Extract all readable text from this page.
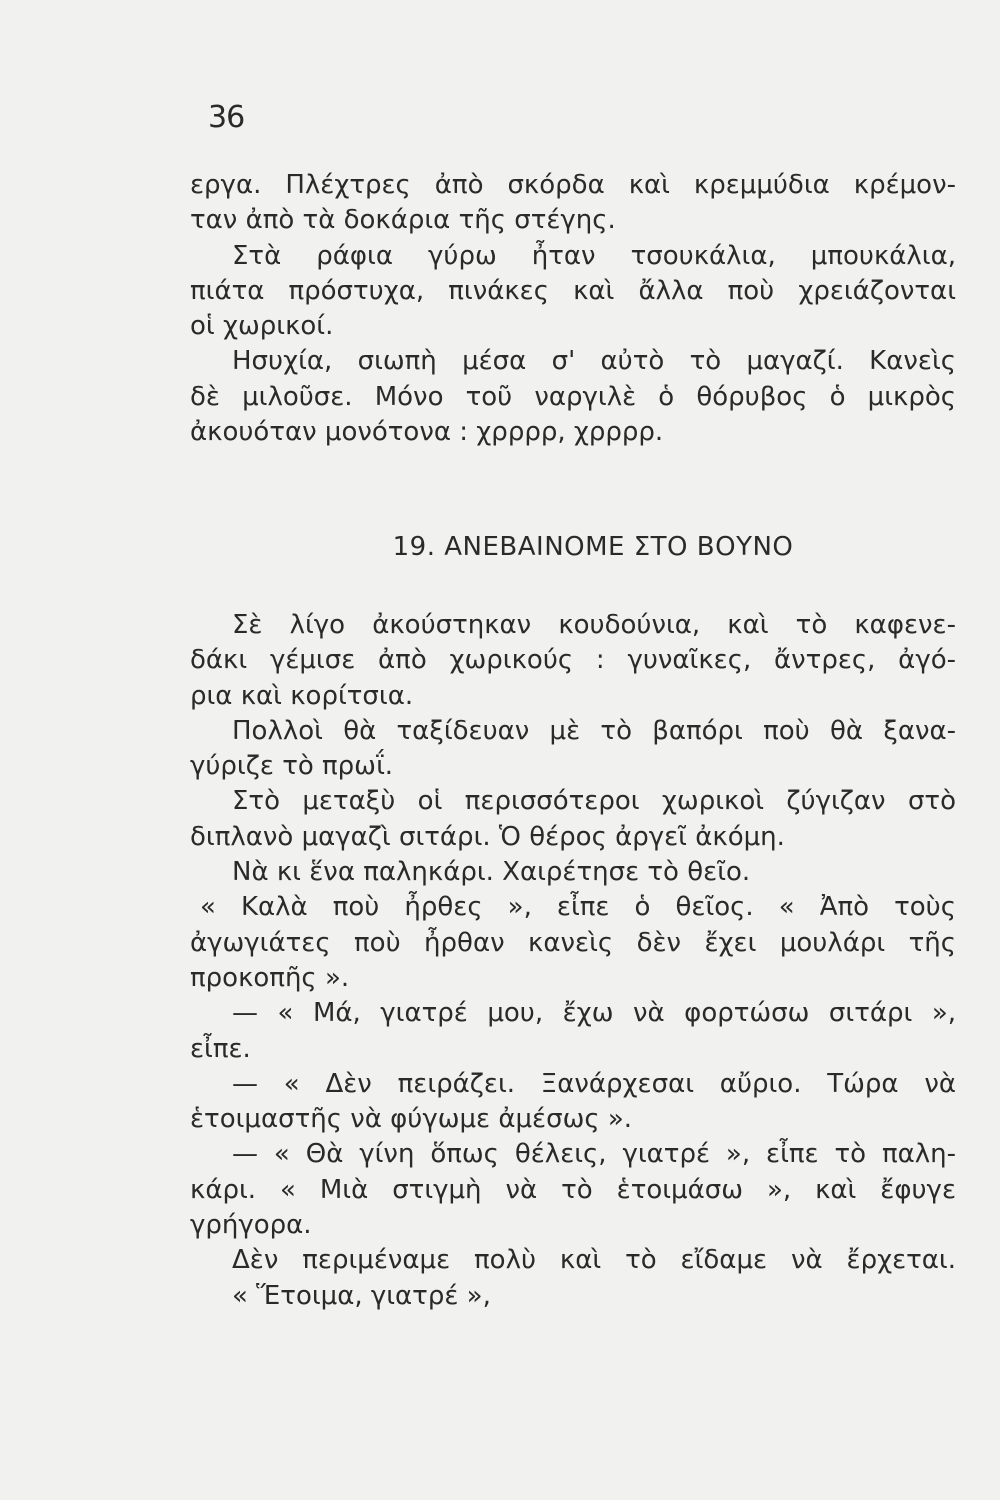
36
εργα. Πλέχτρες ἀπὸ σκόρδα καὶ κρεμμύδια κρέμον-
ταν ἀπὸ τὰ δοκάρια τῆς στέγης.
Στὰ ράφια γύρω ἦταν τσουκάλια, μπουκάλια,
πιάτα πρόστυχα, πινάκες καὶ ἄλλα ποὺ χρειάζονται
οἱ χωρικοί.
Ησυχία, σιωπὴ μέσα σ' αὐτὸ τὸ μαγαζί. Κανεὶς
δὲ μιλοῦσε. Μόνο τοῦ ναργιλὲ ὁ θόρυβος ὁ μικρὸς
ἀκουόταν μονότονα : χρρρρ, χρρρρ.
19. ΑΝΕΒΑΙΝΟΜΕ ΣΤΟ ΒΟΥΝΟ
Σὲ λίγο ἀκούστηκαν κουδούνια, καὶ τὸ καφενε-
δάκι γέμισε ἀπὸ χωρικούς : γυναῖκες, ἄντρες, ἀγό-
ρια καὶ κορίτσια.
Πολλοὶ θὰ ταξίδευαν μὲ τὸ βαπόρι ποὺ θὰ ξανα-
γύριζε τὸ πρωΐ.
Στὸ μεταξὺ οἱ περισσότεροι χωρικοὶ ζύγιζαν στὸ
διπλανὸ μαγαζὶ σιτάρι. Ὁ θέρος ἀργεῖ ἀκόμη.
Νὰ κι ἕνα παληκάρι. Χαιρέτησε τὸ θεῖο.
« Καλὰ ποὺ ἦρθες », εἶπε ὁ θεῖος. « Ἀπὸ τοὺς
ἀγωγιάτες ποὺ ἦρθαν κανεὶς δὲν ἔχει μουλάρι τῆς
προκοπῆς ».
— « Μά, γιατρέ μου, ἔχω νὰ φορτώσω σιτάρι »,
εἶπε.
— « Δὲν πειράζει. Ξανάρχεσαι αὔριο. Τώρα νὰ
ἑτοιμαστῆς νὰ φύγωμε ἀμέσως ».
— « Θὰ γίνη ὅπως θέλεις, γιατρέ », εἶπε τὸ παλη-
κάρι. « Μιὰ στιγμὴ νὰ τὸ ἑτοιμάσω », καὶ ἔφυγε
γρήγορα.
Δὲν περιμέναμε πολὺ καὶ τὸ εἴδαμε νὰ ἔρχεται.
« Ἕτοιμα, γιατρέ »,
